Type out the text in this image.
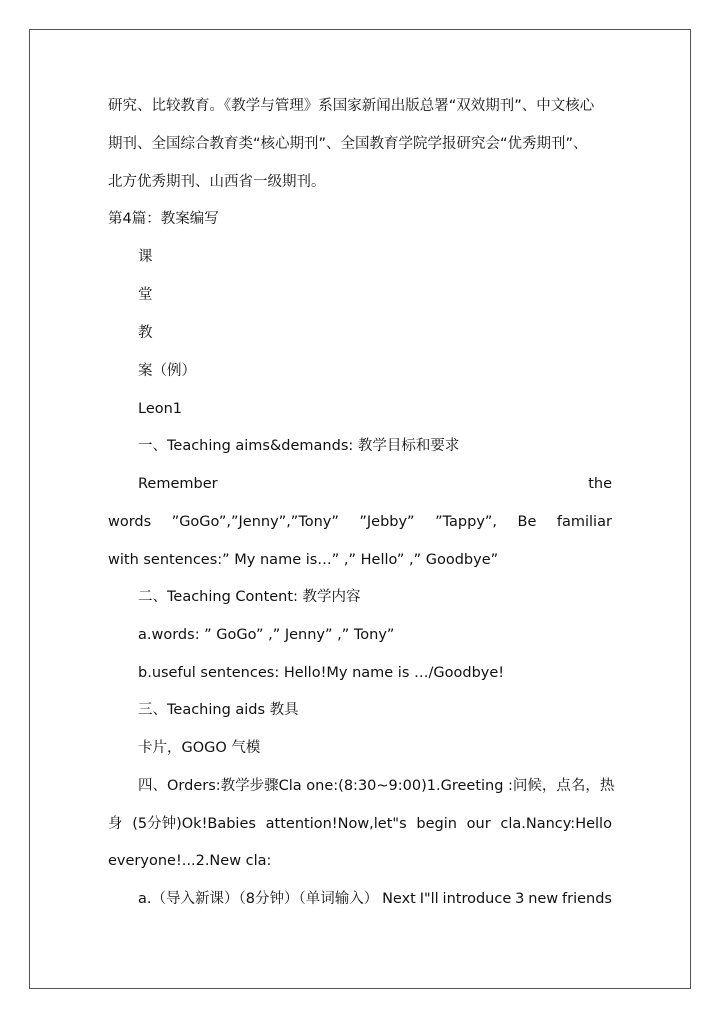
研究、比较教育。《教学与管理》系国家新闻出版总署“双效期刊”、中文核心
期刊、全国综合教育类“核心期刊”、全国教育学院学报研究会“优秀期刊”、
北方优秀期刊、山西省一级期刊。
第4篇：教案编写
课
堂
教
案（例）
Leon1
一、Teaching aims&demands: 教学目标和要求
Remember	the
words ”GoGo”,”Jenny”,”Tony” ”Jebby” ”Tappy”, Be familiar
with sentences:” My name is…” ,” Hello” ,” Goodbye”
二、Teaching Content: 教学内容
a.words: ” GoGo” ,” Jenny” ,” Tony”
b.useful sentences: Hello!My name is …/Goodbye!
三、Teaching aids 教具
卡片，GOGO 气模
四、Orders: 教学步骤 Cla one:(8:30~9:00)1.Greeting : 问候， 点名， 热
身 (5分钟)Ok!Babies attention!Now,let"s begin our cla.Nancy:Hello
everyone!...2.New cla:
a.（导入新课）（8分钟）（单词输入） Next I"ll introduce 3 new friends
